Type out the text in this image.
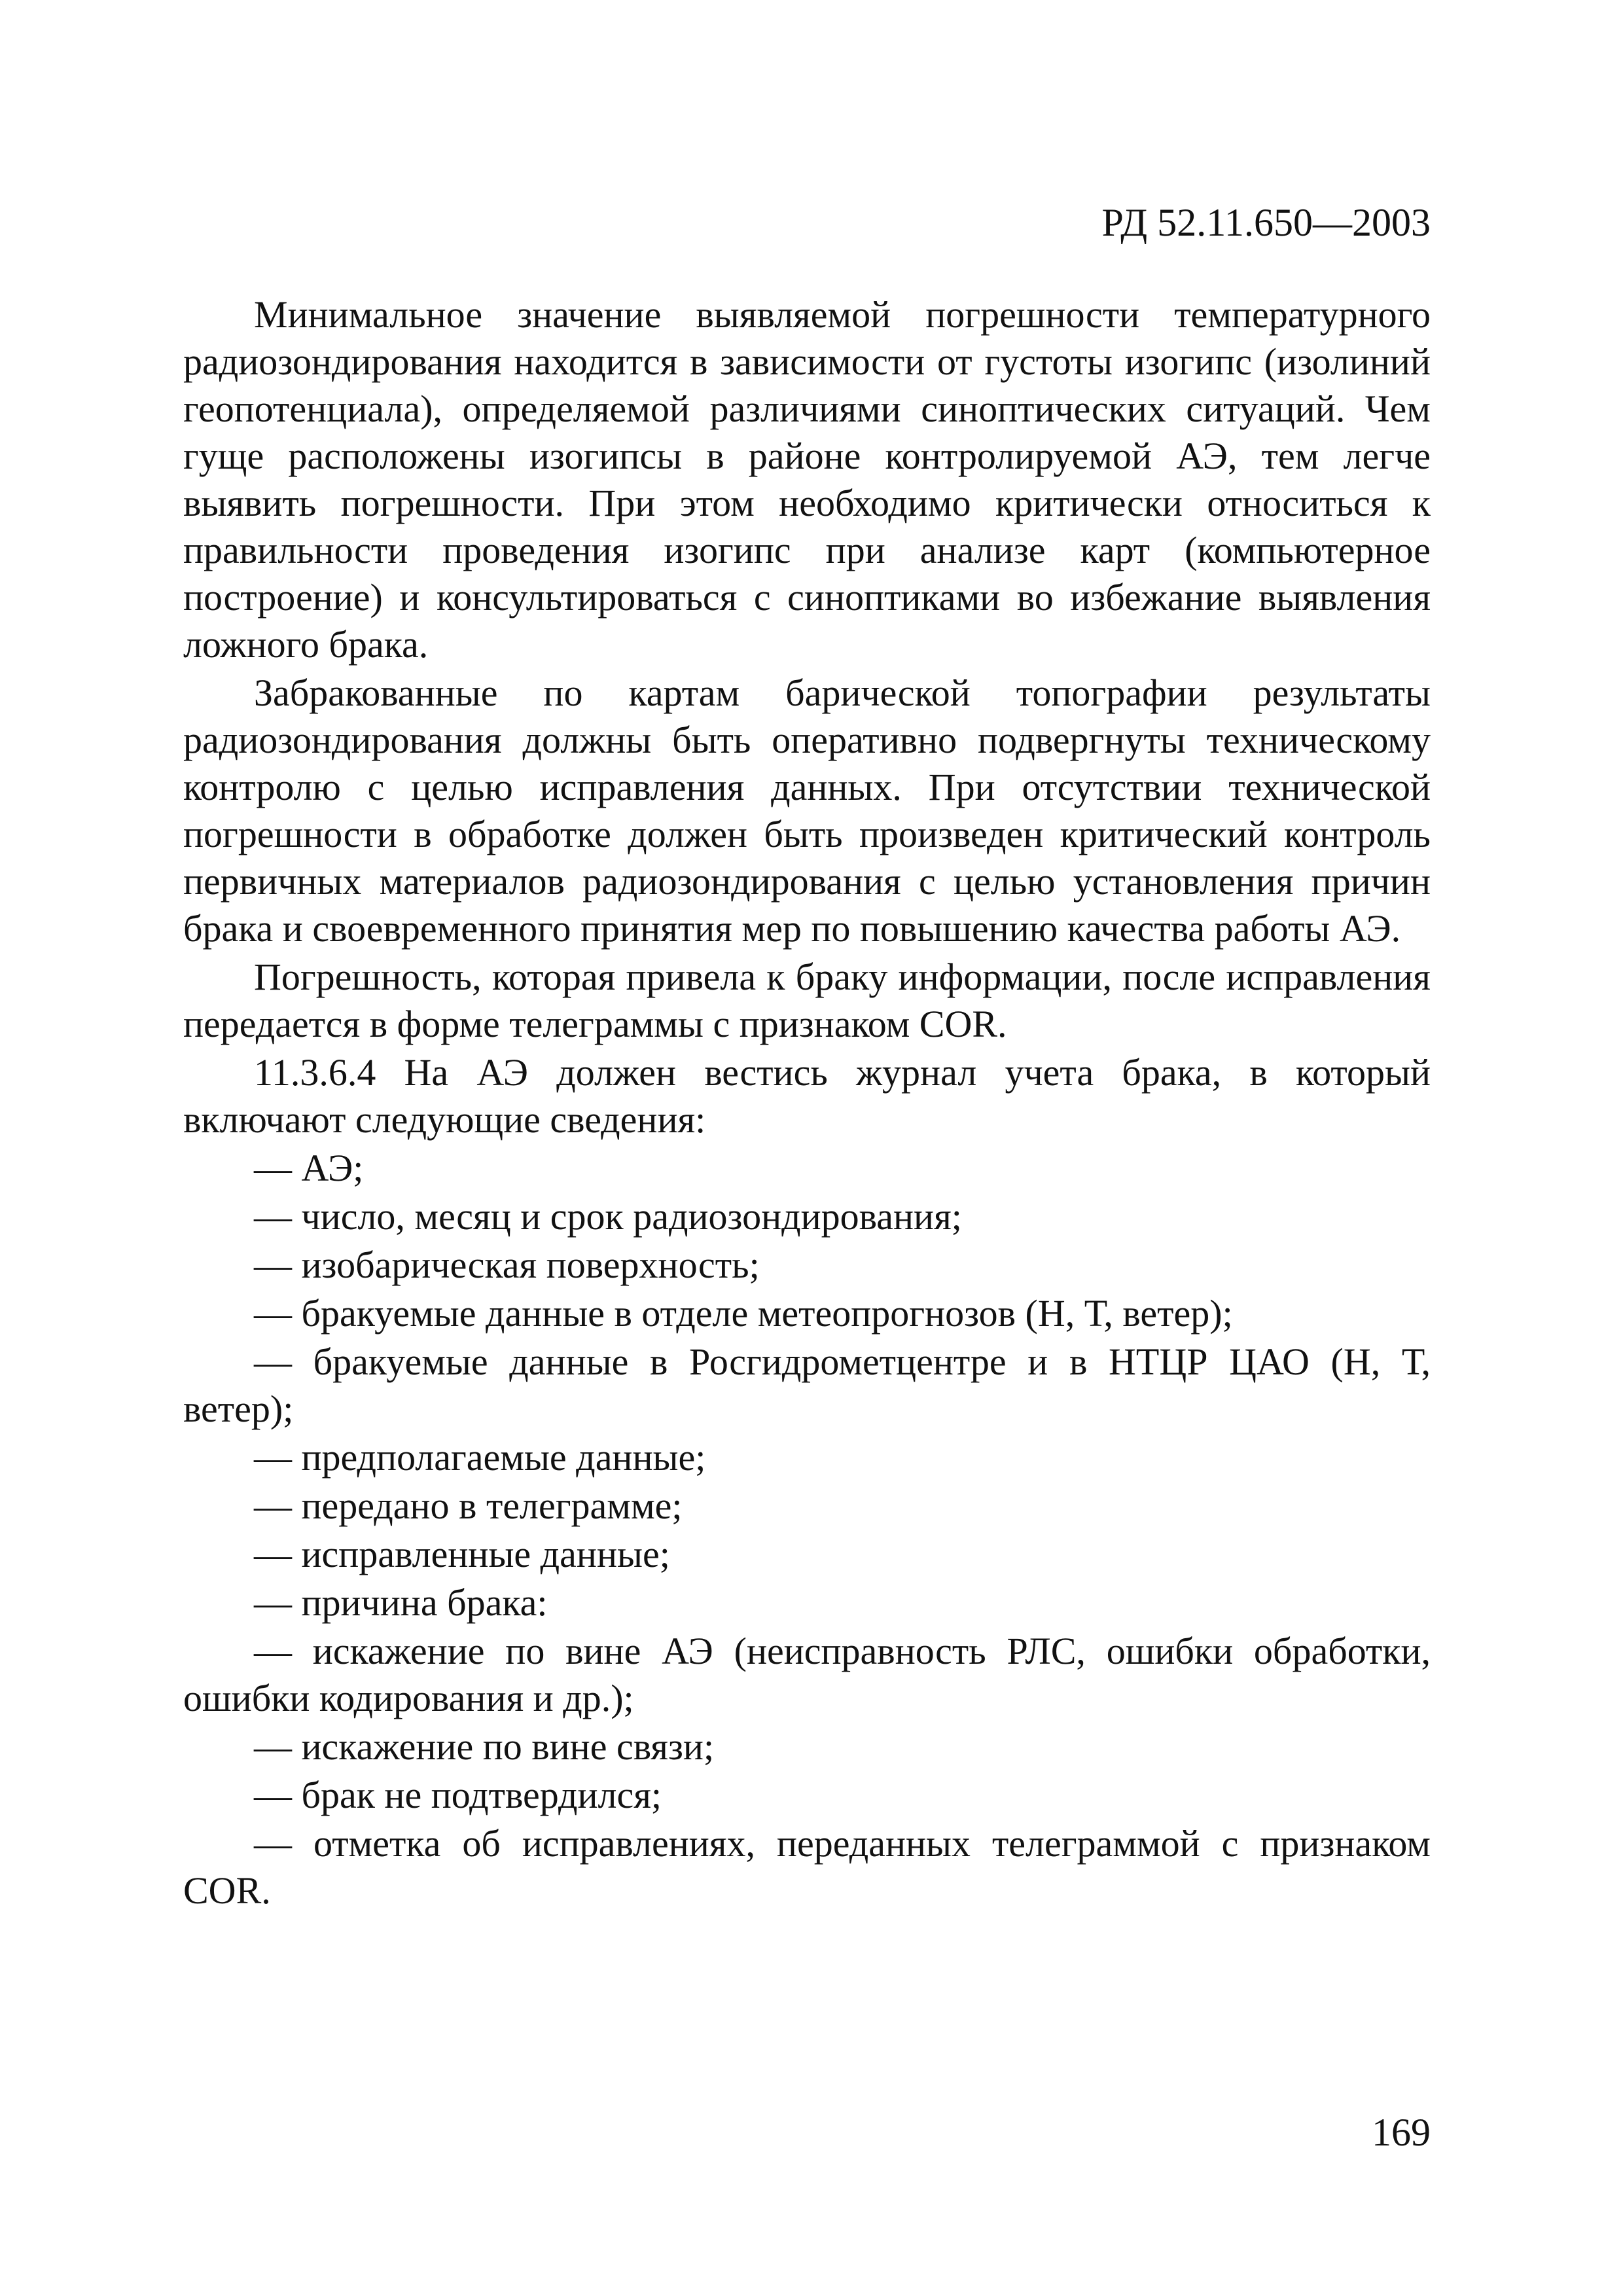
РД 52.11.650—2003

Минимальное значение выявляемой погрешности температурного радиозондирования находится в зависимости от густоты изогипс (изолиний геопотенциала), определяемой различиями синоптических ситуаций. Чем гуще расположены изогипсы в районе контролируемой АЭ, тем легче выявить погрешности. При этом необходимо критически относиться к правильности проведения изогипс при анализе карт (компьютерное построение) и консультироваться с синоптиками во избежание выявления ложного брака.

Забракованные по картам барической топографии результаты радиозондирования должны быть оперативно подвергнуты техническому контролю с целью исправления данных. При отсутствии технической погрешности в обработке должен быть произведен критический контроль первичных материалов радиозондирования с целью установления причин брака и своевременного принятия мер по повышению качества работы АЭ.

Погрешность, которая привела к браку информации, после исправления передается в форме телеграммы с признаком COR.

11.3.6.4 На АЭ должен вестись журнал учета брака, в который включают следующие сведения:

— АЭ;

— число, месяц и срок радиозондирования;

— изобарическая поверхность;

— бракуемые данные в отделе метеопрогнозов (Н, Т, ветер);

— бракуемые данные в Росгидрометцентре и в НТЦР ЦАО (Н, Т, ветер);

— предполагаемые данные;

— передано в телеграмме;

— исправленные данные;

— причина брака:

— искажение по вине АЭ (неисправность РЛС, ошибки обработки, ошибки кодирования и др.);

— искажение по вине связи;

— брак не подтвердился;

— отметка об исправлениях, переданных телеграммой с признаком COR.

169
